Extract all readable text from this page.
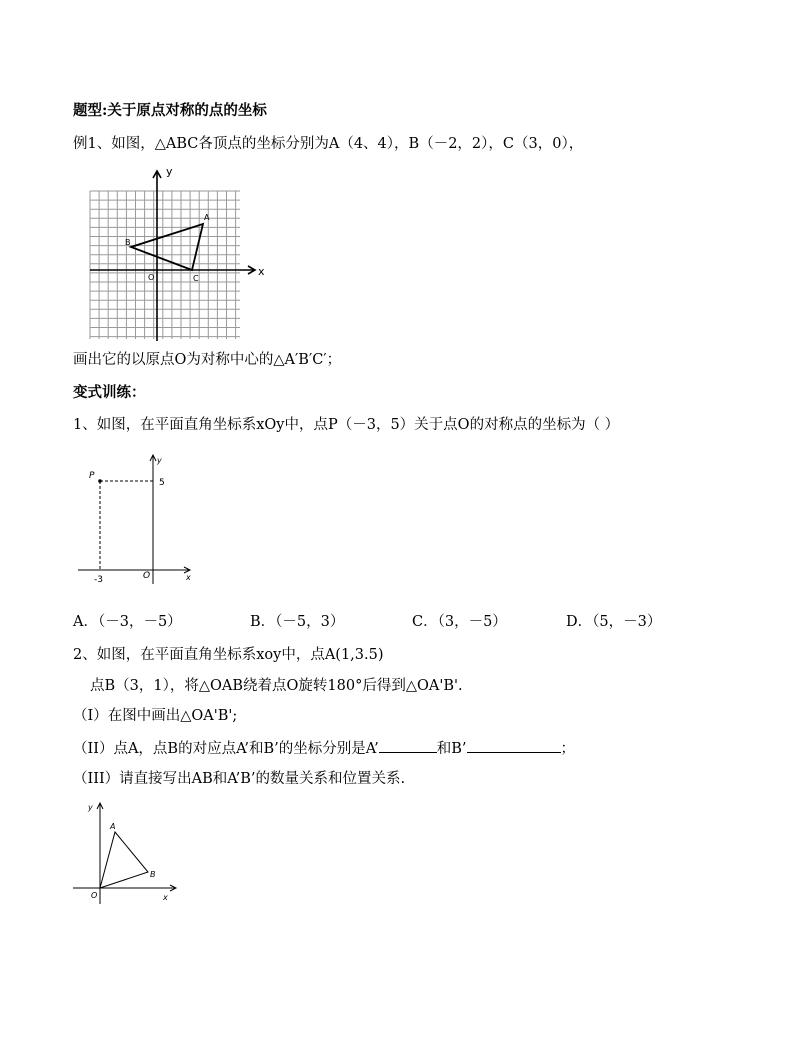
题型:关于原点对称的点的坐标
例1、如图，△ABC各顶点的坐标分别为A（4、4），B（－2，2），C（3，0），
y
x
A
B
C
O
画出它的以原点O为对称中心的△A′B′C′；
变式训练：
1、如图，在平面直角坐标系xOy中，点P（－3，5）关于点O的对称点的坐标为（ ）
P
y
5
-3	O	x
A．（－3，－5）	B．（－5，3）	C．（3，－5）	D．（5，－3）
2、如图，在平面直角坐标系xoy中，点A(1,3.5)
点B（3，1），将△OAB绕着点O旋转180°后得到△OA'B'.
（I）在图中画出△OA'B';
（II）点A，点B的对应点A’和B’的坐标分别是A’	和B’	；
（III）请直接写出AB和A’B’的数量关系和位置关系.
y
A
B
O	x
